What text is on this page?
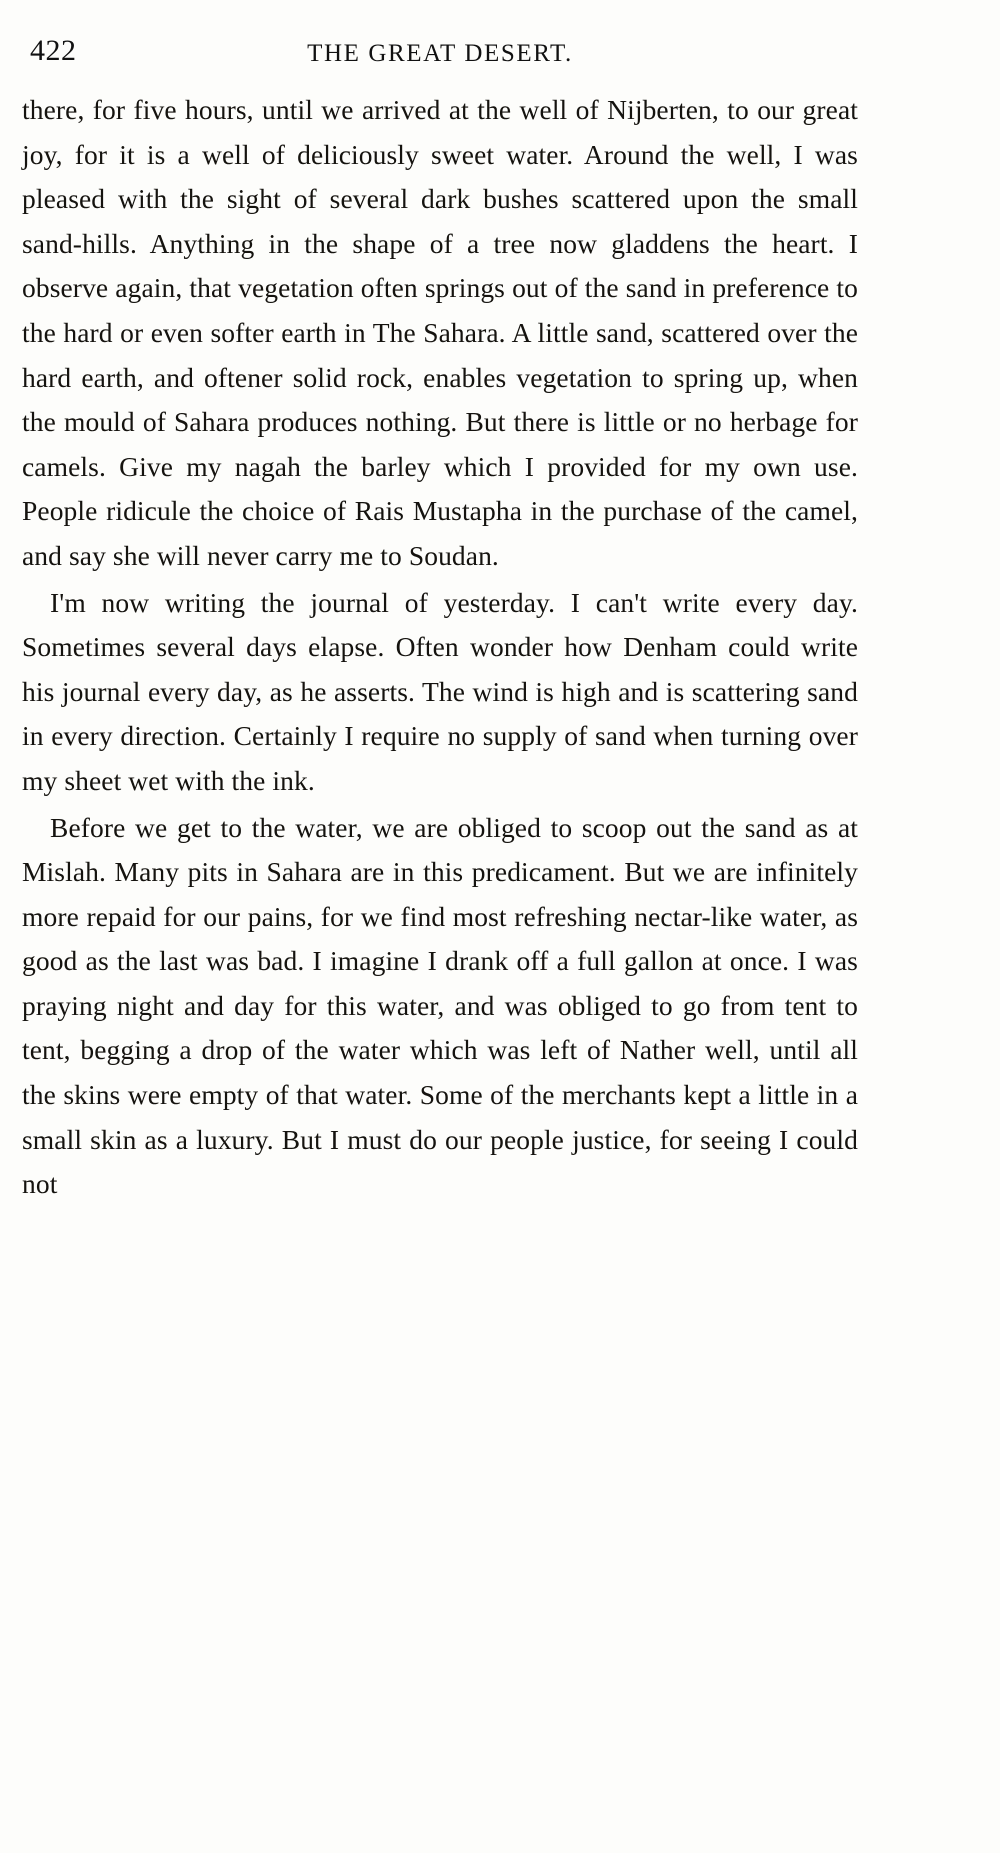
422	THE GREAT DESERT.

there, for five hours, until we arrived at the well of Nijberten, to our great joy, for it is a well of deliciously sweet water. Around the well, I was pleased with the sight of several dark bushes scattered upon the small sand-hills. Anything in the shape of a tree now gladdens the heart. I observe again, that vegetation often springs out of the sand in preference to the hard or even softer earth in The Sahara. A little sand, scattered over the hard earth, and oftener solid rock, enables vegetation to spring up, when the mould of Sahara produces nothing. But there is little or no herbage for camels. Give my nagah the barley which I provided for my own use. People ridicule the choice of Rais Mustapha in the purchase of the camel, and say she will never carry me to Soudan.

I'm now writing the journal of yesterday. I can't write every day. Sometimes several days elapse. Often wonder how Denham could write his journal every day, as he asserts. The wind is high and is scattering sand in every direction. Certainly I require no supply of sand when turning over my sheet wet with the ink.

Before we get to the water, we are obliged to scoop out the sand as at Mislah. Many pits in Sahara are in this predicament. But we are infinitely more repaid for our pains, for we find most refreshing nectar-like water, as good as the last was bad. I imagine I drank off a full gallon at once. I was praying night and day for this water, and was obliged to go from tent to tent, begging a drop of the water which was left of Nather well, until all the skins were empty of that water. Some of the merchants kept a little in a small skin as a luxury. But I must do our people justice, for seeing I could not
